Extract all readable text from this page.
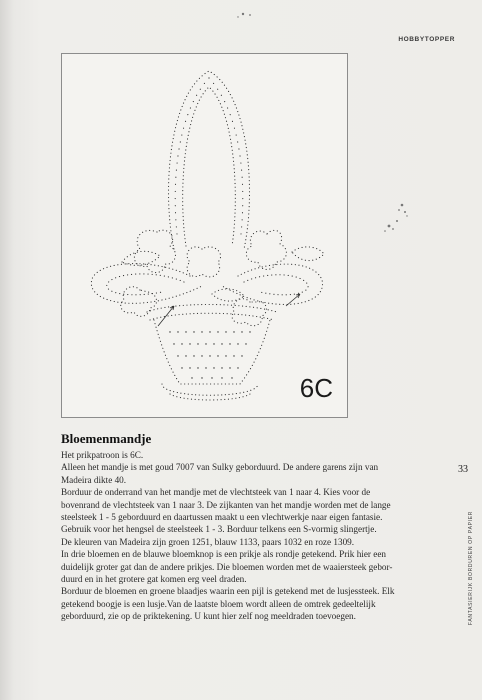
HOBBYTOPPER
6C
33
FANTASIERIJK BORDUREN OP PAPIER
Bloemenmandje
Het prikpatroon is 6C.
Alleen het mandje is met goud 7007 van Sulky geborduurd. De andere garens zijn van
Madeira dikte 40.
Borduur de onderrand van het mandje met de vlechtsteek van 1 naar 4. Kies voor de
bovenrand de vlechtsteek van 1 naar 3. De zijkanten van het mandje worden met de lange
steelsteek 1 - 5 geborduurd en daartussen maakt u een vlechtwerkje naar eigen fantasie.
Gebruik voor het hengsel de steelsteek 1 - 3. Borduur telkens een S-vormig slingertje.
De kleuren van Madeira zijn groen 1251, blauw 1133, paars 1032 en roze 1309.
In drie bloemen en de blauwe bloemknop is een prikje als rondje getekend. Prik hier een
duidelijk groter gat dan de andere prikjes. Die bloemen worden met de waaiersteek gebor-
duurd en in het grotere gat komen erg veel draden.
Borduur de bloemen en groene blaadjes waarin een pijl is getekend met de lusjessteek. Elk
getekend boogje is een lusje.Van de laatste bloem wordt alleen de omtrek gedeeltelijk
geborduurd, zie op de priktekening. U kunt hier zelf nog meeldraden toevoegen.
